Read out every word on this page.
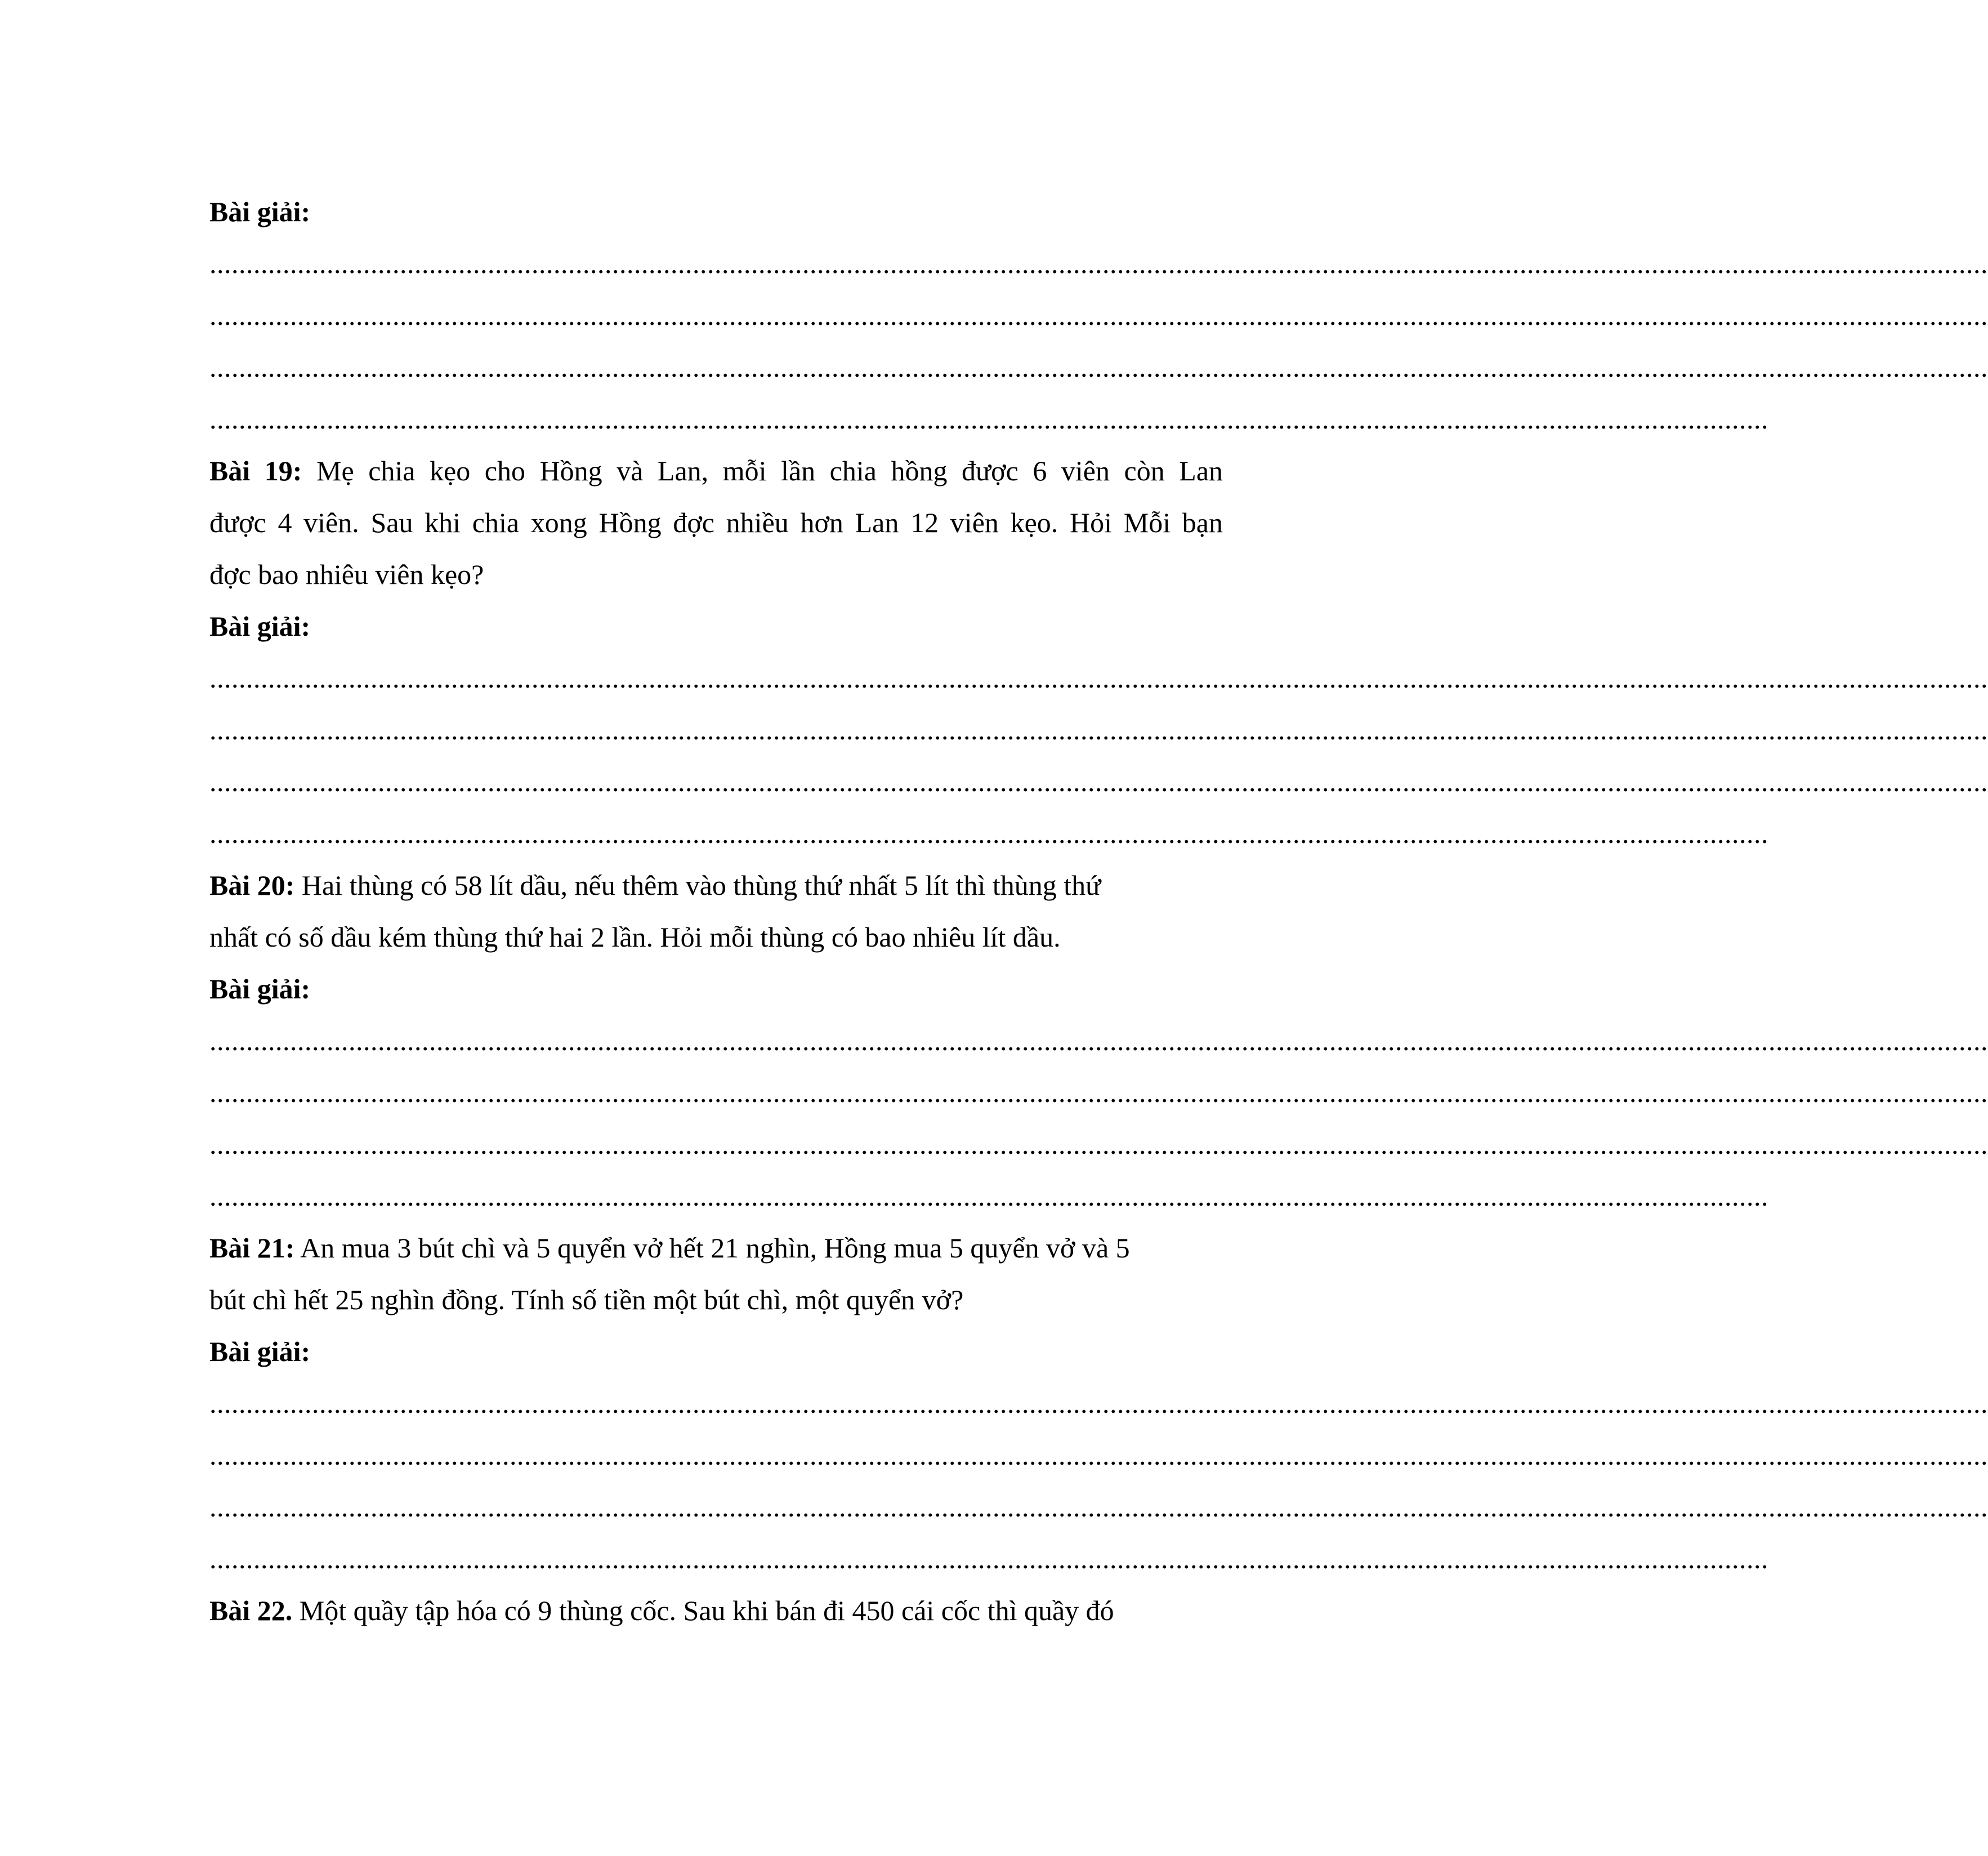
Bài giải:
...................................................................................................................................................................................................................................................
...................................................................................................................................................................................................................................................
...................................................................................................................................................................................................................................................
.....................................................................................................................................................................................................................
Bài 19: Mẹ chia kẹo cho Hồng và Lan, mỗi lần chia hồng được 6 viên còn Lan
được 4 viên. Sau khi chia xong Hồng đợc nhiều hơn Lan 12 viên kẹo. Hỏi Mỗi bạn
đợc bao nhiêu viên kẹo?
Bài giải:
...................................................................................................................................................................................................................................................
...................................................................................................................................................................................................................................................
...................................................................................................................................................................................................................................................
.....................................................................................................................................................................................................................
Bài 20: Hai thùng có 58 lít dầu, nếu thêm vào thùng thứ nhất 5 lít thì thùng thứ
nhất có số dầu kém thùng thứ hai 2 lần. Hỏi mỗi thùng có bao nhiêu lít dầu.
Bài giải:
...................................................................................................................................................................................................................................................
...................................................................................................................................................................................................................................................
...................................................................................................................................................................................................................................................
.....................................................................................................................................................................................................................
Bài 21: An mua 3 bút chì và 5 quyển vở hết 21 nghìn, Hồng mua 5 quyển vở và 5
bút chì hết 25 nghìn đồng. Tính số tiền một bút chì, một quyển vở?
Bài giải:
...................................................................................................................................................................................................................................................
...................................................................................................................................................................................................................................................
...................................................................................................................................................................................................................................................
.....................................................................................................................................................................................................................
Bài 22. Một quầy tập hóa có 9 thùng cốc. Sau khi bán đi 450 cái cốc thì quầy đó
